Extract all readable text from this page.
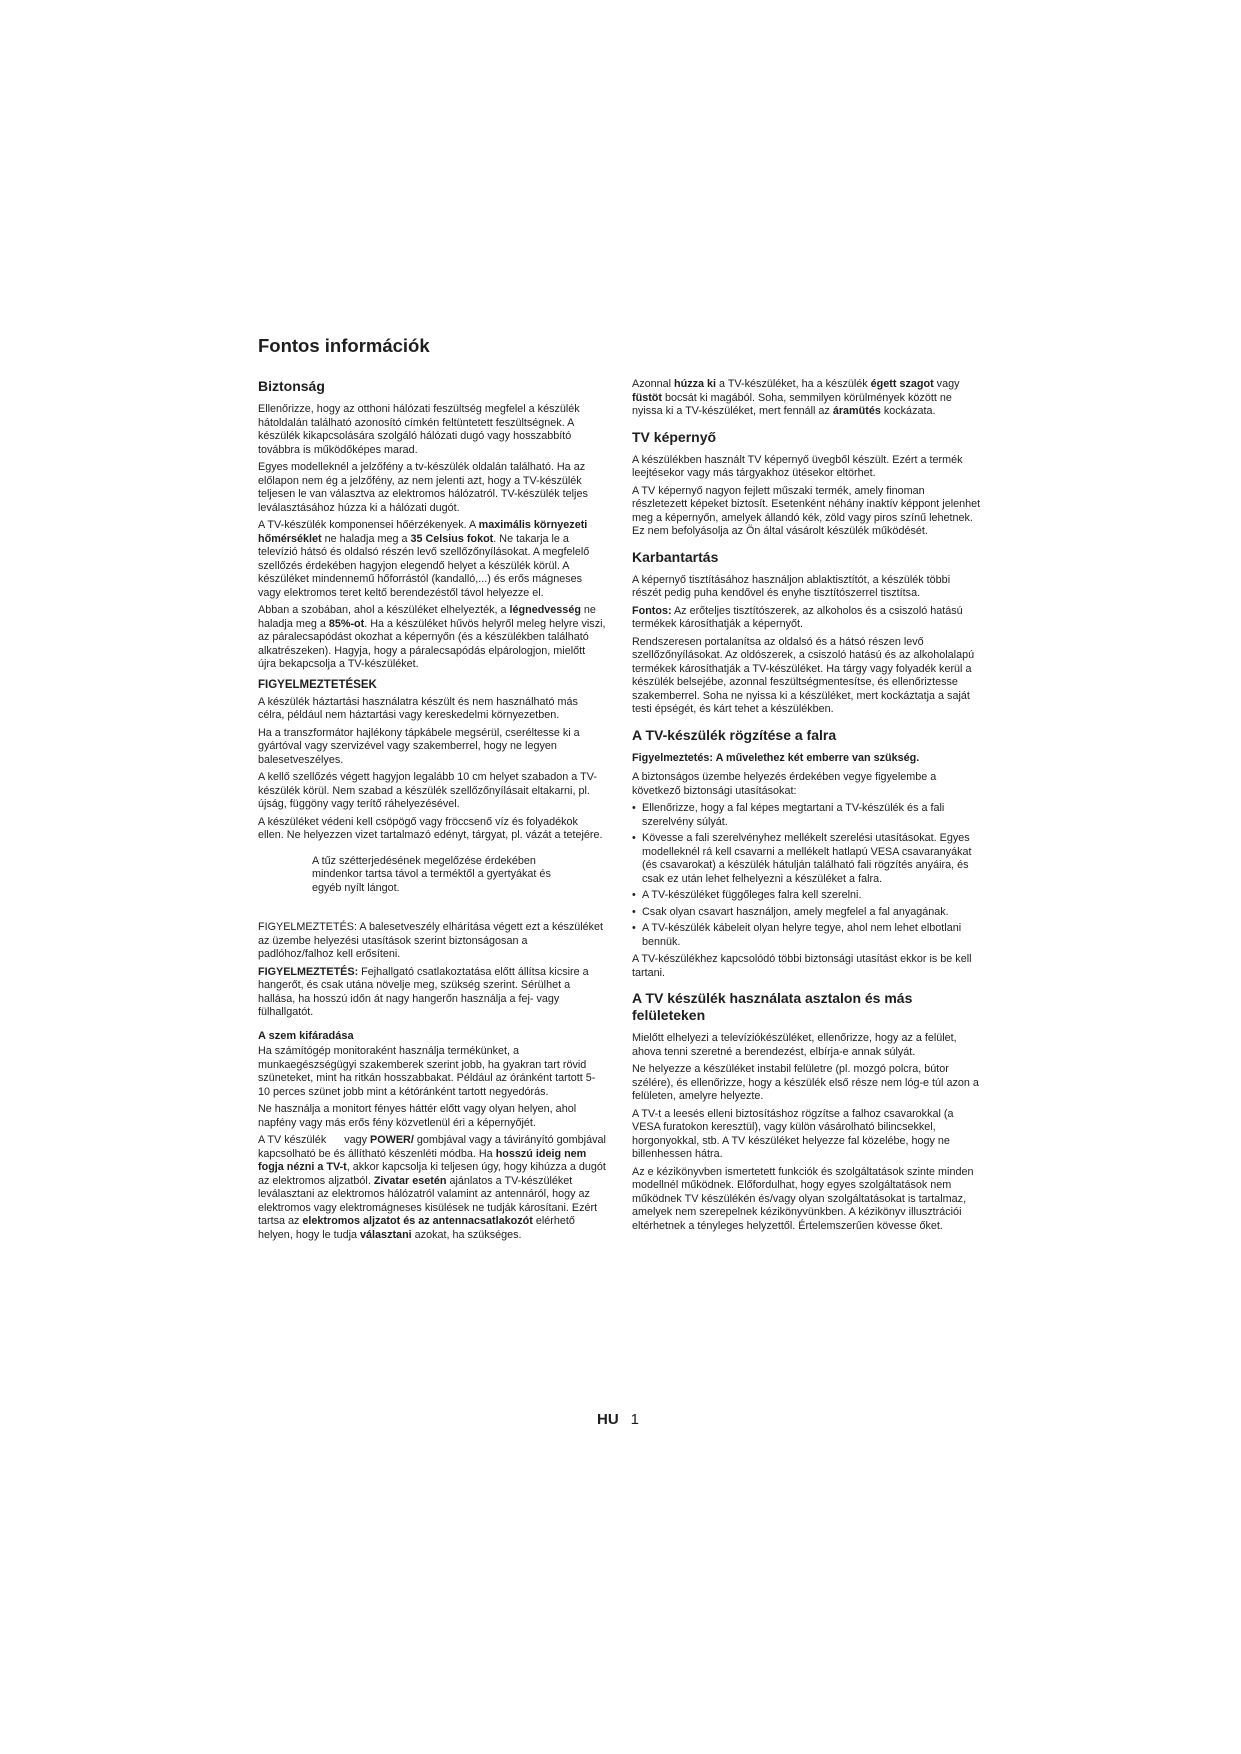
Fontos információk
Biztonság

Ellenőrizze, hogy az otthoni hálózati feszültség megfelel a készülék hátoldalán található azonosító címkén feltüntetett feszültségnek. A készülék kikapcsolására szolgáló hálózati dugó vagy hosszabbító továbbra is működőképes marad.

Egyes modelleknél a jelzőfény a tv-készülék oldalán található. Ha az előlapon nem ég a jelzőfény, az nem jelenti azt, hogy a TV-készülék teljesen le van választva az elektromos hálózatról. TV-készülék teljes leválasztásához húzza ki a hálózati dugót.

A TV-készülék komponensei hőérzékenyek. A maximális környezeti hőmérséklet ne haladja meg a 35 Celsius fokot. Ne takarja le a televízió hátsó és oldalsó részén levő szellőzőnyílásokat. A megfelelő szellőzés érdekében hagyjon elegendő helyet a készülék körül. A készüléket mindennemű hőforrástól (kandalló,...) és erős mágneses vagy elektromos teret keltő berendezéstől távol helyezze el.

Abban a szobában, ahol a készüléket elhelyezték, a légnedvesség ne haladja meg a 85%-ot. Ha a készüléket hűvös helyről meleg helyre viszi, az páralecsapódást okozhat a képernyőn (és a készülékben található alkatrészeken). Hagyja, hogy a páralecsapódás elpárologjon, mielőtt újra bekapcsolja a TV-készüléket.

FIGYELMEZTETÉSEK

A készülék háztartási használatra készült és nem használható más célra, például nem háztartási vagy kereskedelmi környezetben.

Ha a transzformátor hajlékony tápkábele megsérül, cseréltesse ki a gyártóval vagy szervizével vagy szakemberrel, hogy ne legyen balesetveszélyes.

A kellő szellőzés végett hagyjon legalább 10 cm helyet szabadon a TV-készülék körül. Nem szabad a készülék szellőzőnyílásait eltakarni, pl. újság, függöny vagy terítő ráhelyezésével.

A készüléket védeni kell csöpögő vagy fröccsenő víz és folyadékok ellen. Ne helyezzen vizet tartalmazó edényt, tárgyat, pl. vázát a tetejére.

A tűz szétterjedésének megelőzése érdekében mindenkor tartsa távol a terméktől a gyertyákat és egyéb nyílt lángot.

FIGYELMEZTETÉS: A balesetveszély elhárítása végett ezt a készüléket az üzembe helyezési utasítások szerint biztonságosan a padlóhoz/falhoz kell erősíteni.

FIGYELMEZTETÉS: Fejhallgató csatlakoztatása előtt állítsa kicsire a hangerőt, és csak utána növelje meg, szükség szerint. Sérülhet a hallása, ha hosszú időn át nagy hangerőn használja a fej- vagy fülhallgatót.

A szem kifáradása

Ha számítógép monitoraként használja termékünket, a munkaegészségügyi szakemberek szerint jobb, ha gyakran tart rövid szüneteket, mint ha ritkán hosszabbakat. Például az óránként tartott 5-10 perces szünet jobb mint a kétóránként tartott negyedórás.

Ne használja a monitort fényes háttér előtt vagy olyan helyen, ahol napfény vagy más erős fény közvetlenül éri a képernyőjét.

A TV készülék      vagy POWER/ gombjával vagy a távirányító gombjával kapcsolható be és állítható készenléti módba. Ha hosszú ideig nem fogja nézni a TV-t, akkor kapcsolja ki teljesen úgy, hogy kihúzza a dugót az elektromos aljzatból. Zivatar esetén ajánlatos a TV-készüléket leválasztani az elektromos hálózatról valamint az antennáról, hogy az elektromos vagy elektromágneses kisülések ne tudják károsítani. Ezért tartsa az elektromos aljzatot és az antennacsatlakozót elérhető helyen, hogy le tudja választani azokat, ha szükséges.

Azonnal húzza ki a TV-készüléket, ha a készülék égett szagot vagy füstöt bocsát ki magából. Soha, semmilyen körülmények között ne nyissa ki a TV-készüléket, mert fennáll az áramütés kockázata.

TV képernyő

A készülékben használt TV képernyő üvegből készült. Ezért a termék leejtésekor vagy más tárgyakhoz ütésekor eltörhet.

A TV képernyő nagyon fejlett műszaki termék, amely finoman részletezett képeket biztosít. Esetenként néhány inaktív képpont jelenhet meg a képernyőn, amelyek állandó kék, zöld vagy piros színű lehetnek. Ez nem befolyásolja az Ön által vásárolt készülék működését.

Karbantartás

A képernyő tisztításához használjon ablaktisztítót, a készülék többi részét pedig puha kendővel és enyhe tisztítószerrel tisztítsa.

Fontos: Az erőteljes tisztítószerek, az alkoholos és a csiszoló hatású termékek károsíthatják a képernyőt.

Rendszeresen portalanítsa az oldalsó és a hátsó részen levő szellőzőnyílásokat. Az oldószerek, a csiszoló hatású és az alkoholalapú termékek károsíthatják a TV-készüléket. Ha tárgy vagy folyadék kerül a készülék belsejébe, azonnal feszültségmentesítse, és ellenőriztesse szakemberrel. Soha ne nyissa ki a készüléket, mert kockáztatja a saját testi épségét, és kárt tehet a készülékben.

A TV-készülék rögzítése a falra

Figyelmeztetés: A művelethez két emberre van szükség.

A biztonságos üzembe helyezés érdekében vegye figyelembe a következő biztonsági utasításokat:

• Ellenőrizze, hogy a fal képes megtartani a TV-készülék és a fali szerelvény súlyát.
• Kövesse a fali szerelvényhez mellékelt szerelési utasításokat. Egyes modelleknél rá kell csavarni a mellékelt hatlapú VESA csavaranyákat (és csavarokat) a készülék hátulján található fali rögzítés anyáira, és csak ez után lehet felhelyezni a készüléket a falra.
• A TV-készüléket függőleges falra kell szerelni.
• Csak olyan csavart használjon, amely megfelel a fal anyagának.
• A TV-készülék kábeleit olyan helyre tegye, ahol nem lehet elbotlani bennük.

A TV-készülékhez kapcsolódó többi biztonsági utasítást ekkor is be kell tartani.

A TV készülék használata asztalon és más felületeken

Mielőtt elhelyezi a televíziókészüléket, ellenőrizze, hogy az a felület, ahova tenni szeretné a berendezést, elbírja-e annak súlyát.

Ne helyezze a készüléket instabil felületre (pl. mozgó polcra, bútor szélére), és ellenőrizze, hogy a készülék első része nem lóg-e túl azon a felületen, amelyre helyezte.

A TV-t a leesés elleni biztosításhoz rögzítse a falhoz csavarokkal (a VESA furatokon keresztül), vagy külön vásárolható bilincsekkel, horgonyokkal, stb. A TV készüléket helyezze fal közelébe, hogy ne billenhessen hátra.

Az e kézikönyvben ismertetett funkciók és szolgáltatások szinte minden modellnél működnek. Előfordulhat, hogy egyes szolgáltatások nem működnek TV készülékén és/vagy olyan szolgáltatásokat is tartalmaz, amelyek nem szerepelnek kézikönyvünkben. A kézikönyv illusztrációi eltérhetnek a tényleges helyzettől. Értelemszerűen kövesse őket.

HU 1
